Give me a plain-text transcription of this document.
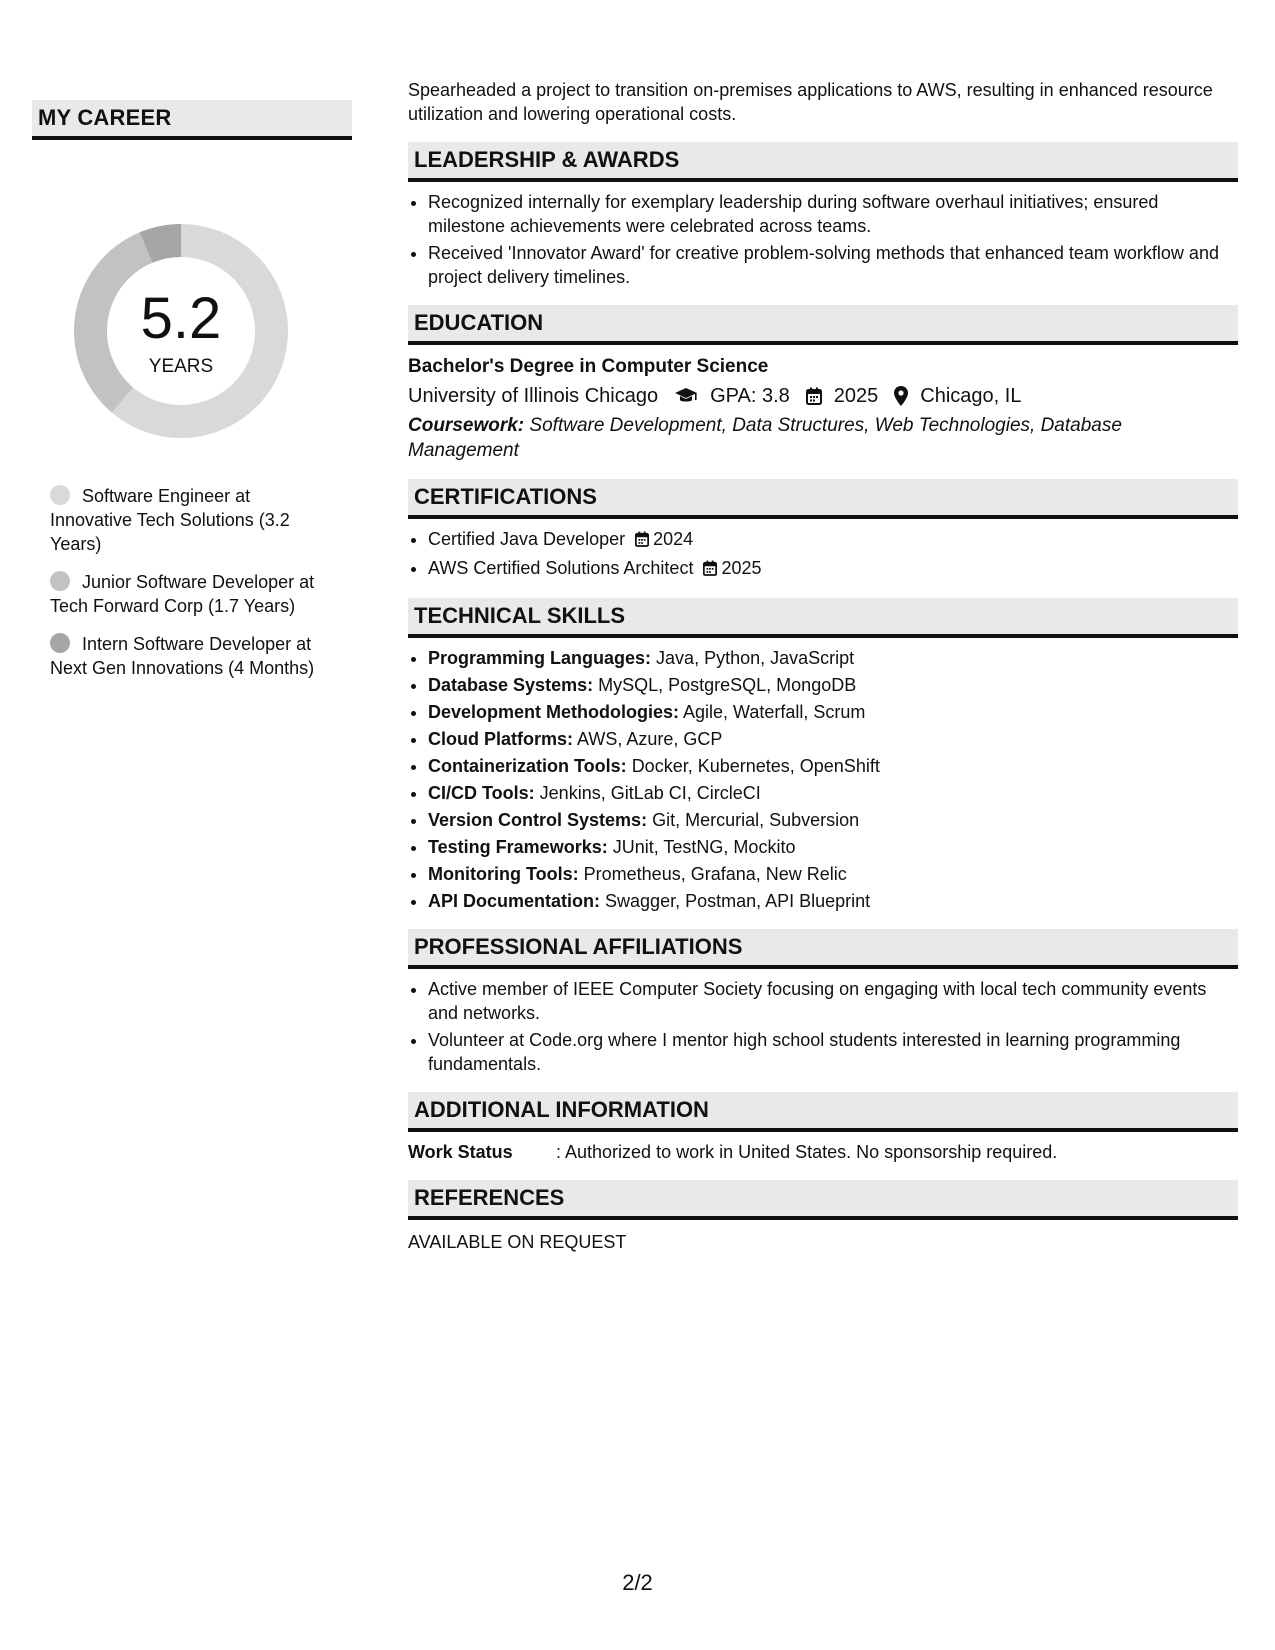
MY CAREER
5.2
YEARS
Software Engineer at Innovative Tech Solutions (3.2 Years)
Junior Software Developer at Tech Forward Corp (1.7 Years)
Intern Software Developer at Next Gen Innovations (4 Months)
Spearheaded a project to transition on-premises applications to AWS, resulting in enhanced resource utilization and lowering operational costs.
LEADERSHIP & AWARDS
• Recognized internally for exemplary leadership during software overhaul initiatives; ensured milestone achievements were celebrated across teams.
• Received 'Innovator Award' for creative problem-solving methods that enhanced team workflow and project delivery timelines.
EDUCATION
Bachelor's Degree in Computer Science
University of Illinois Chicago	GPA: 3.8 2025 Chicago, IL
Coursework: Software Development, Data Structures, Web Technologies, Database Management
CERTIFICATIONS
• Certified Java Developer 2024
• AWS Certified Solutions Architect 2025
TECHNICAL SKILLS
• Programming Languages: Java, Python, JavaScript
• Database Systems: MySQL, PostgreSQL, MongoDB
• Development Methodologies: Agile, Waterfall, Scrum
• Cloud Platforms: AWS, Azure, GCP
• Containerization Tools: Docker, Kubernetes, OpenShift
• CI/CD Tools: Jenkins, GitLab CI, CircleCI
• Version Control Systems: Git, Mercurial, Subversion
• Testing Frameworks: JUnit, TestNG, Mockito
• Monitoring Tools: Prometheus, Grafana, New Relic
• API Documentation: Swagger, Postman, API Blueprint
PROFESSIONAL AFFILIATIONS
• Active member of IEEE Computer Society focusing on engaging with local tech community events and networks.
• Volunteer at Code.org where I mentor high school students interested in learning programming fundamentals.
ADDITIONAL INFORMATION
Work Status	: Authorized to work in United States. No sponsorship required.
REFERENCES
AVAILABLE ON REQUEST
2/2
